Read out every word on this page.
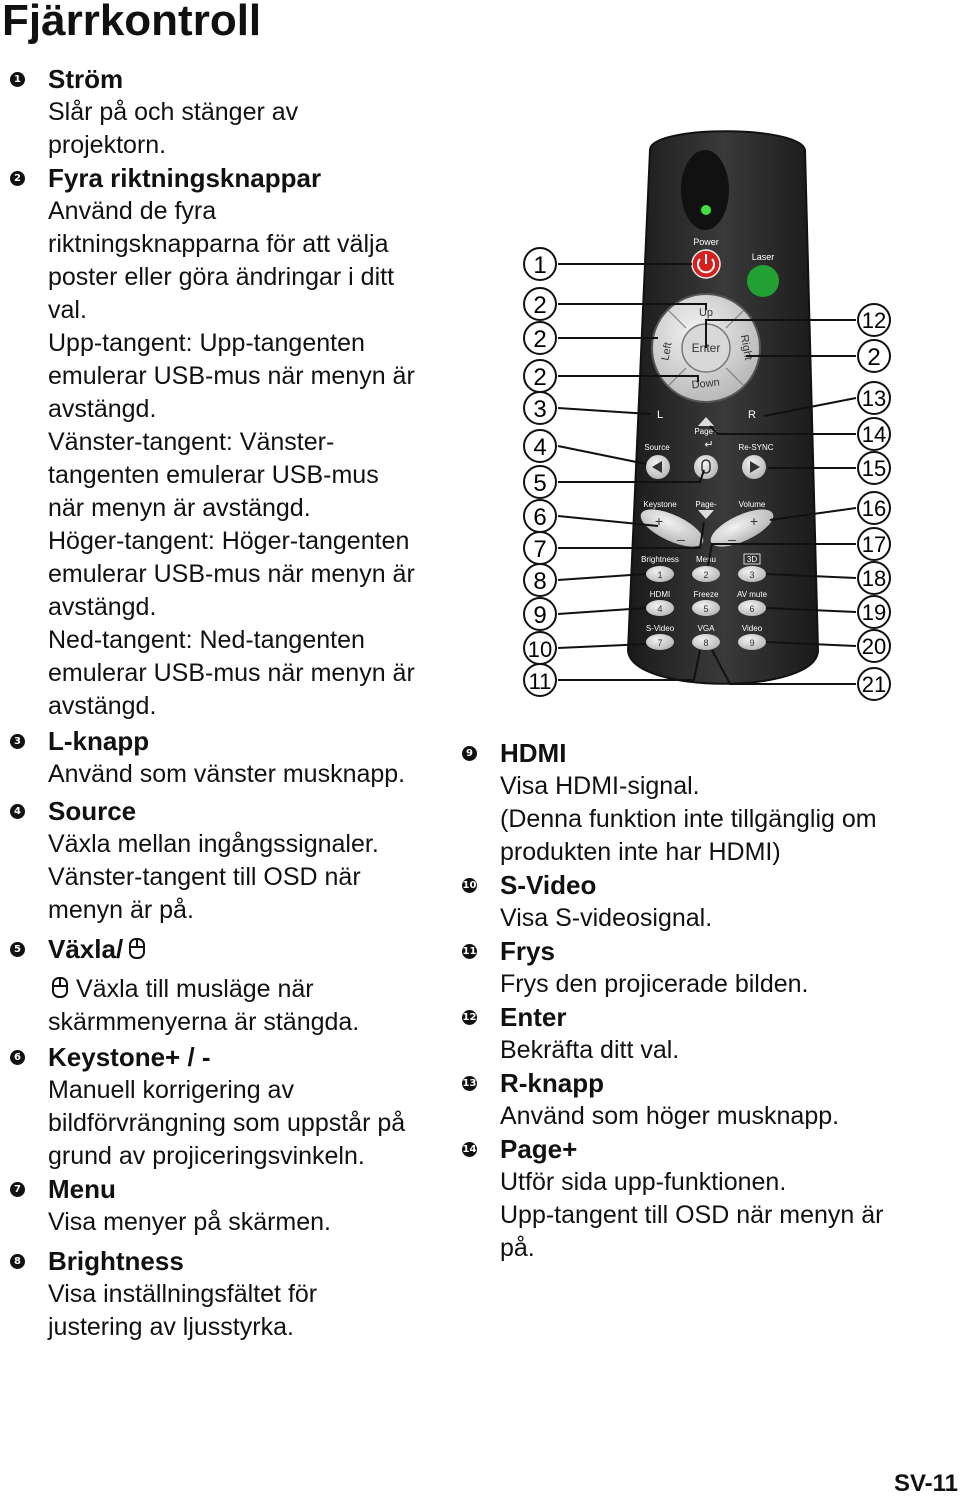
Fjärrkontroll
1 Ström

Slår på och stänger av

projektorn.

2 Fyra riktningsknappar

Använd de fyra

riktningsknapparna för att välja

poster eller göra ändringar i ditt

val.

Upp-tangent: Upp-tangenten

emulerar USB-mus när menyn är

avstängd.

Vänster-tangent: Vänster-

tangenten emulerar USB-mus

när menyn är avstängd.

Höger-tangent: Höger-tangenten

emulerar USB-mus när menyn är

avstängd.

Ned-tangent: Ned-tangenten

emulerar USB-mus när menyn är

avstängd.

3 L-knapp

Använd som vänster musknapp.

4 Source

Växla mellan ingångssignaler.

Vänster-tangent till OSD när

menyn är på.

5 Växla/

Växla till musläge när

skärmmenyerna är stängda.

6 Keystone+ / -

Manuell korrigering av

bildförvrängning som uppstår på

grund av projiceringsvinkeln.

7 Menu

Visa menyer på skärmen.

8 Brightness

Visa inställningsfältet för

justering av ljusstyrka.

Power
Laser
Up
Enter
Down
Left	Right
L	R
Page+
↵
Source	Re-SYNC
Keystone Page-	Volume
+
–
+
–
Brightness Menu	3D
1	2	3
HDMI	Freeze AV mute
4	5	6
S-Video	VGA	Video
7	8	9
1
2
2
2
3
4
5
6
7
8
9
10
11
12
2
13
14
15
16
17
18
19
20
21
9 HDMI

Visa HDMI-signal.

(Denna funktion inte tillgänglig om

produkten inte har HDMI)

10 S-Video

Visa S-videosignal.

11 Frys

Frys den projicerade bilden.

12 Enter

Bekräfta ditt val.

13 R-knapp

Använd som höger musknapp.

14 Page+

Utför sida upp-funktionen.

Upp-tangent till OSD när menyn är

på.

SV-11
